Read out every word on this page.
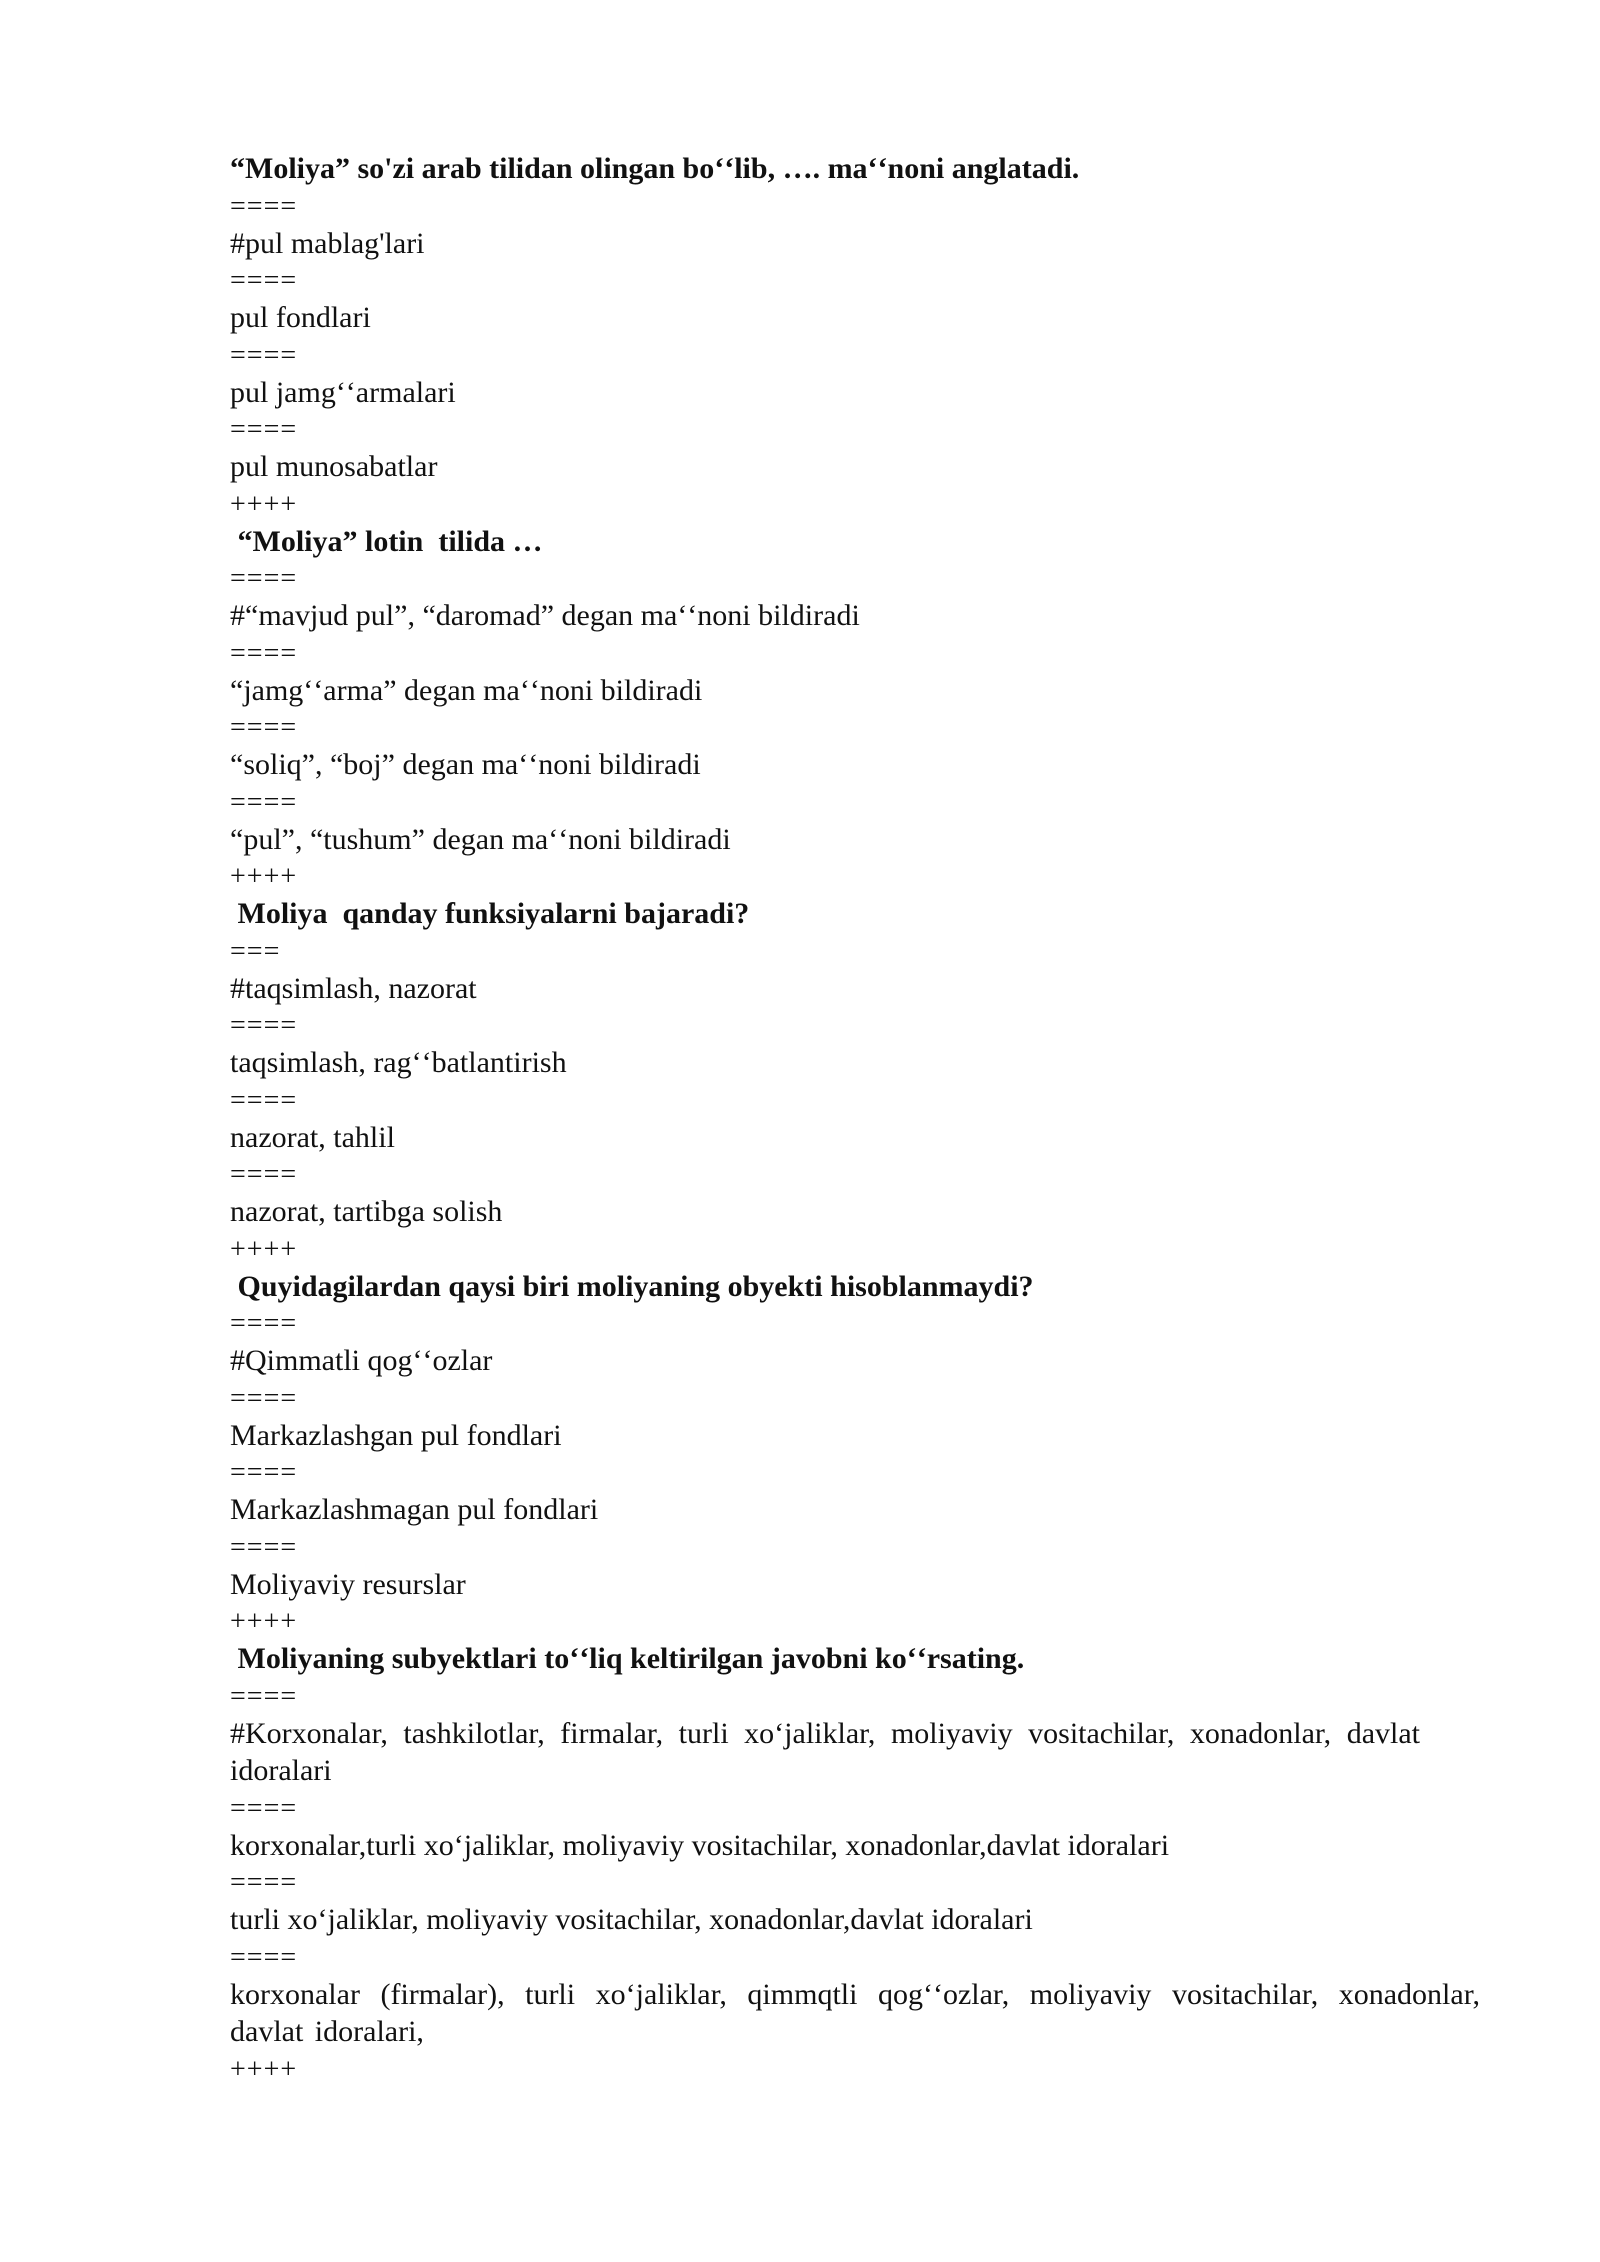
“Moliya” so'zi arab tilidan olingan boʻʻlib, …. maʻʻnoni anglatadi.
====
#pul mablag'lari
====
pul fondlari
====
pul jamgʻʻarmalari
====
pul munosabatlar
++++
“Moliya” lotin  tilida …
====
#“mavjud pul”, “daromad” degan maʻʻnoni bildiradi
====
“jamgʻʻarma” degan maʻʻnoni bildiradi
====
“soliq”, “boj” degan maʻʻnoni bildiradi
====
“pul”, “tushum” degan maʻʻnoni bildiradi
++++
Moliya  qanday funksiyalarni bajaradi?
===
#taqsimlash, nazorat
====
taqsimlash, ragʻʻbatlantirish
====
nazorat, tahlil
====
nazorat, tartibga solish
++++
Quyidagilardan qaysi biri moliyaning obyekti hisoblanmaydi?
====
#Qimmatli qogʻʻozlar
====
Markazlashgan pul fondlari
====
Markazlashmagan pul fondlari
====
Moliyaviy resurslar
++++
Moliyaning subyektlari toʻʻliq keltirilgan javobni koʻʻrsating.
====
#Korxonalar, tashkilotlar, firmalar, turli xo‘jaliklar, moliyaviy vositachilar, xonadonlar, davlat idoralari
====
korxonalar,turli xo‘jaliklar, moliyaviy vositachilar, xonadonlar,davlat idoralari
====
turli xo‘jaliklar, moliyaviy vositachilar, xonadonlar,davlat idoralari
====
korxonalar (firmalar), turli xo‘jaliklar, qimmqtli qogʻʻozlar, moliyaviy vositachilar, xonadonlar, davlat idoralari,
++++
